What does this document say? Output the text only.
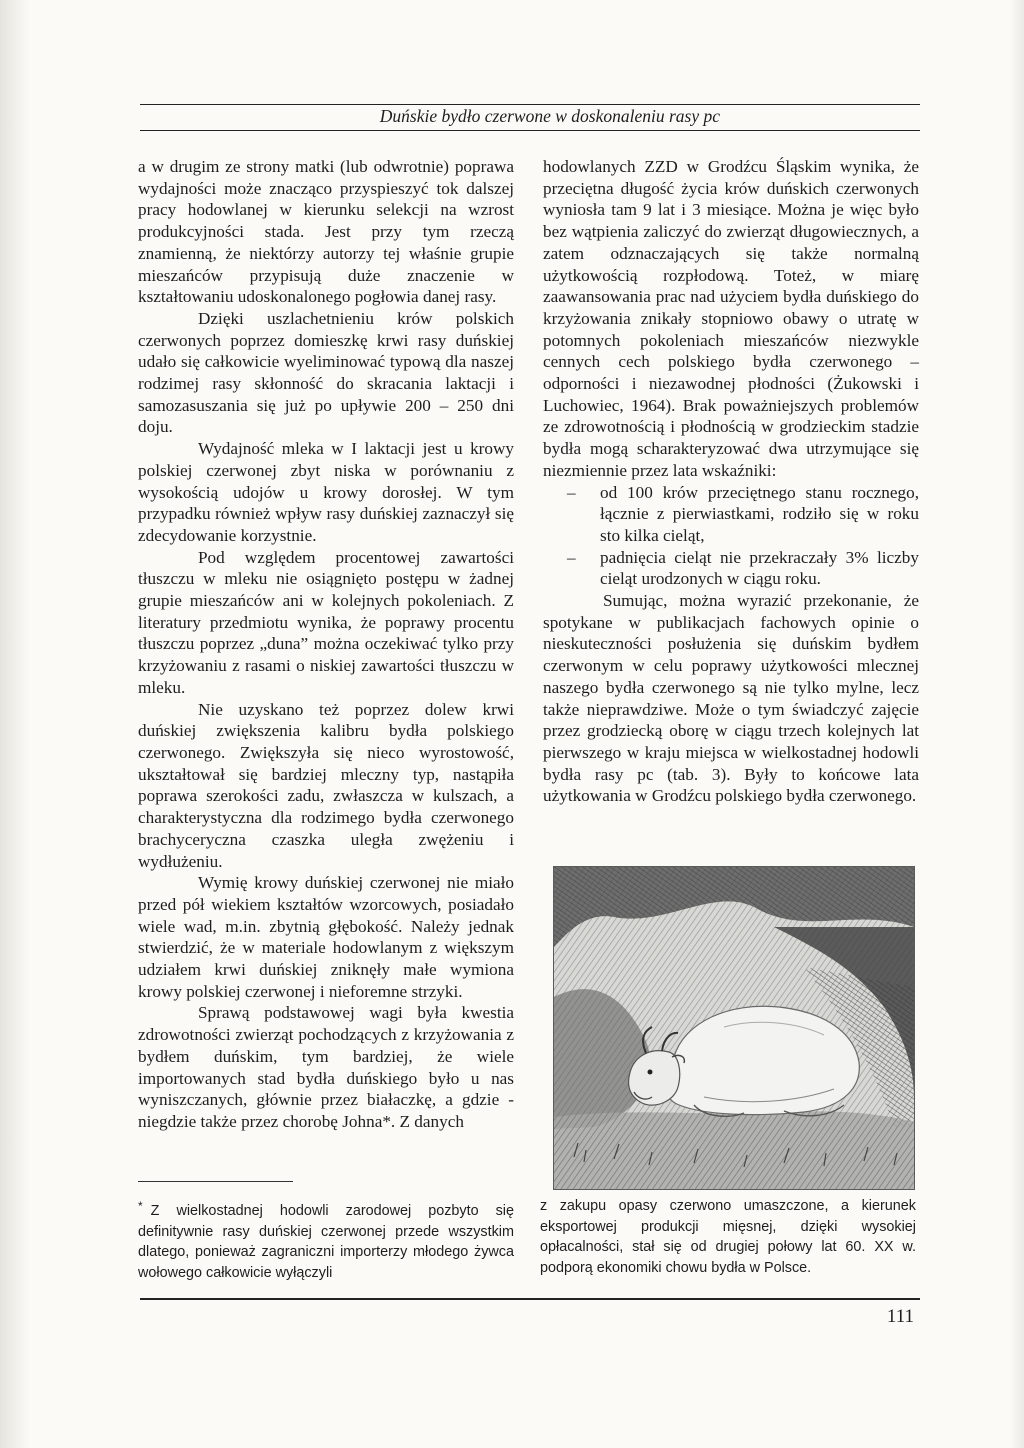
Duńskie bydło czerwone w doskonaleniu rasy pc

a w drugim ze strony matki (lub odwrotnie) poprawa wydajności może znacząco przyspieszyć tok dalszej pracy hodowlanej w kierunku selekcji na wzrost produkcyjności stada. Jest przy tym rzeczą znamienną, że niektórzy autorzy tej właśnie grupie mieszańców przypisują duże znaczenie w kształtowaniu udoskonalonego pogłowia danej rasy.

Dzięki uszlachetnieniu krów polskich czerwonych poprzez domieszkę krwi rasy duńskiej udało się całkowicie wyeliminować typową dla naszej rodzimej rasy skłonność do skracania laktacji i samozasuszania się już po upływie 200 – 250 dni doju.

Wydajność mleka w I laktacji jest u krowy polskiej czerwonej zbyt niska w porównaniu z wysokością udojów u krowy dorosłej. W tym przypadku również wpływ rasy duńskiej zaznaczył się zdecydowanie korzystnie.

Pod względem procentowej zawartości tłuszczu w mleku nie osiągnięto postępu w żadnej grupie mieszańców ani w kolejnych pokoleniach. Z literatury przedmiotu wynika, że poprawy procentu tłuszczu poprzez „duna” można oczekiwać tylko przy krzyżowaniu z rasami o niskiej zawartości tłuszczu w mleku.

Nie uzyskano też poprzez dolew krwi duńskiej zwiększenia kalibru bydła polskiego czerwonego. Zwiększyła się nieco wyrostowość, ukształtował się bardziej mleczny typ, nastąpiła poprawa szerokości zadu, zwłaszcza w kulszach, a charakterystyczna dla rodzimego bydła czerwonego brachyceryczna czaszka uległa zwężeniu i wydłużeniu.

Wymię krowy duńskiej czerwonej nie miało przed pół wiekiem kształtów wzorcowych, posiadało wiele wad, m.in. zbytnią głębokość. Należy jednak stwierdzić, że w materiale hodowlanym z większym udziałem krwi duńskiej zniknęły małe wymiona krowy polskiej czerwonej i nieforemne strzyki.

Sprawą podstawowej wagi była kwestia zdrowotności zwierząt pochodzących z krzyżowania z bydłem duńskim, tym bardziej, że wiele importowanych stad bydła duńskiego było u nas wyniszczanych, głównie przez białaczkę, a gdzie - niegdzie także przez chorobę Johna*. Z danych

hodowlanych ZZD w Grodźcu Śląskim wynika, że przeciętna długość życia krów duńskich czerwonych wyniosła tam 9 lat i 3 miesiące. Można je więc było bez wątpienia zaliczyć do zwierząt długowiecznych, a zatem odznaczających się także normalną użytkowością rozpłodową. Toteż, w miarę zaawansowania prac nad użyciem bydła duńskiego do krzyżowania znikały stopniowo obawy o utratę w potomnych pokoleniach mieszańców niezwykle cennych cech polskiego bydła czerwonego – odporności i niezawodnej płodności (Żukowski i Luchowiec, 1964). Brak poważniejszych problemów ze zdrowotnością i płodnością w grodzieckim stadzie bydła mogą scharakteryzować dwa utrzymujące się niezmiennie przez lata wskaźniki:

– od 100 krów przeciętnego stanu rocznego, łącznie z pierwiastkami, rodziło się w roku sto kilka cieląt,
– padnięcia cieląt nie przekraczały 3% liczby cieląt urodzonych w ciągu roku.

Sumując, można wyrazić przekonanie, że spotykane w publikacjach fachowych opinie o nieskuteczności posłużenia się duńskim bydłem czerwonym w celu poprawy użytkowości mlecznej naszego bydła czerwonego są nie tylko mylne, lecz także nieprawdziwe. Może o tym świadczyć zajęcie przez grodziecką oborę w ciągu trzech kolejnych lat pierwszego w kraju miejsca w wielkostadnej hodowli bydła rasy pc (tab. 3). Były to końcowe lata użytkowania w Grodźcu polskiego bydła czerwonego.

* Z wielkostadnej hodowli zarodowej pozbyto się definitywnie rasy duńskiej czerwonej przede wszystkim dlatego, ponieważ zagraniczni importerzy młodego żywca wołowego całkowicie wyłączyli
z zakupu opasy czerwono umaszczone, a kierunek eksportowej produkcji mięsnej, dzięki wysokiej opłacalności, stał się od drugiej połowy lat 60. XX w. podporą ekonomiki chowu bydła w Polsce.
111
